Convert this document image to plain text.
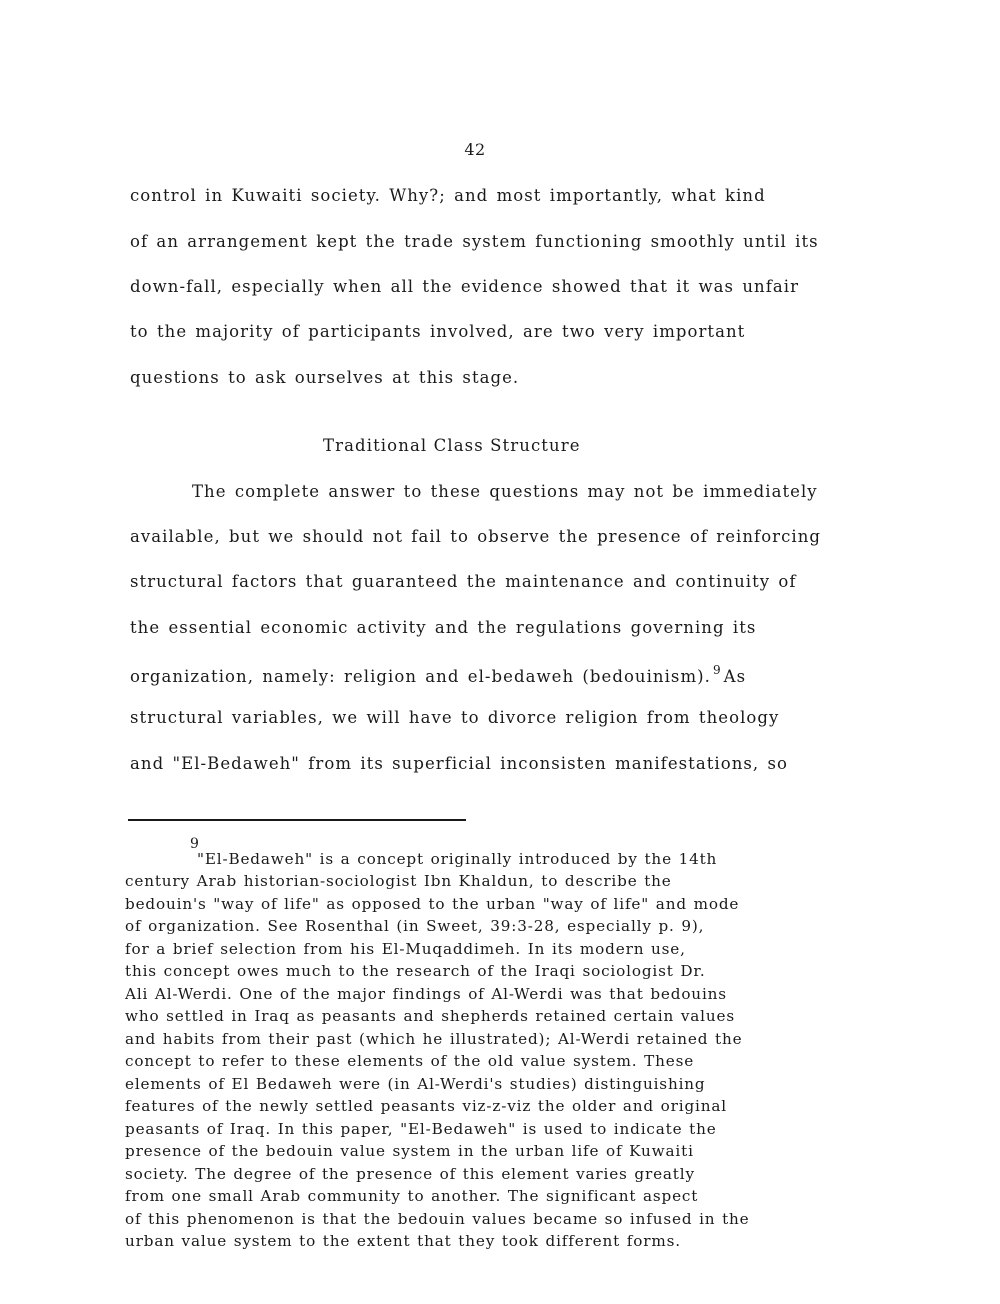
42
control in Kuwaiti society. Why?; and most importantly, what kind
of an arrangement kept the trade system functioning smoothly until its
down-fall, especially when all the evidence showed that it was unfair
to the majority of participants involved, are two very important
questions to ask ourselves at this stage.
Traditional Class Structure
The complete answer to these questions may not be immediately
available, but we should not fail to observe the presence of reinforcing
structural factors that guaranteed the maintenance and continuity of
the essential economic activity and the regulations governing its
organization, namely: religion and el-bedaweh (bedouinism). $^9$ As
structural variables, we will have to divorce religion from theology
and "El-Bedaweh" from its superficial inconsisten manifestations, so
9
"El-Bedaweh" is a concept originally introduced by the 14th
century Arab historian-sociologist Ibn Khaldun, to describe the
bedouin's "way of life" as opposed to the urban "way of life" and mode
of organization. See Rosenthal (in Sweet, 39:3-28, especially p. 9),
for a brief selection from his El-Muqaddimeh. In its modern use,
this concept owes much to the research of the Iraqi sociologist Dr.
Ali Al-Werdi. One of the major findings of Al-Werdi was that bedouins
who settled in Iraq as peasants and shepherds retained certain values
and habits from their past (which he illustrated); Al-Werdi retained the
concept to refer to these elements of the old value system. These
elements of El Bedaweh were (in Al-Werdi's studies) distinguishing
features of the newly settled peasants viz-z-viz the older and original
peasants of Iraq. In this paper, "El-Bedaweh" is used to indicate the
presence of the bedouin value system in the urban life of Kuwaiti
society. The degree of the presence of this element varies greatly
from one small Arab community to another. The significant aspect
of this phenomenon is that the bedouin values became so infused in the
urban value system to the extent that they took different forms.
